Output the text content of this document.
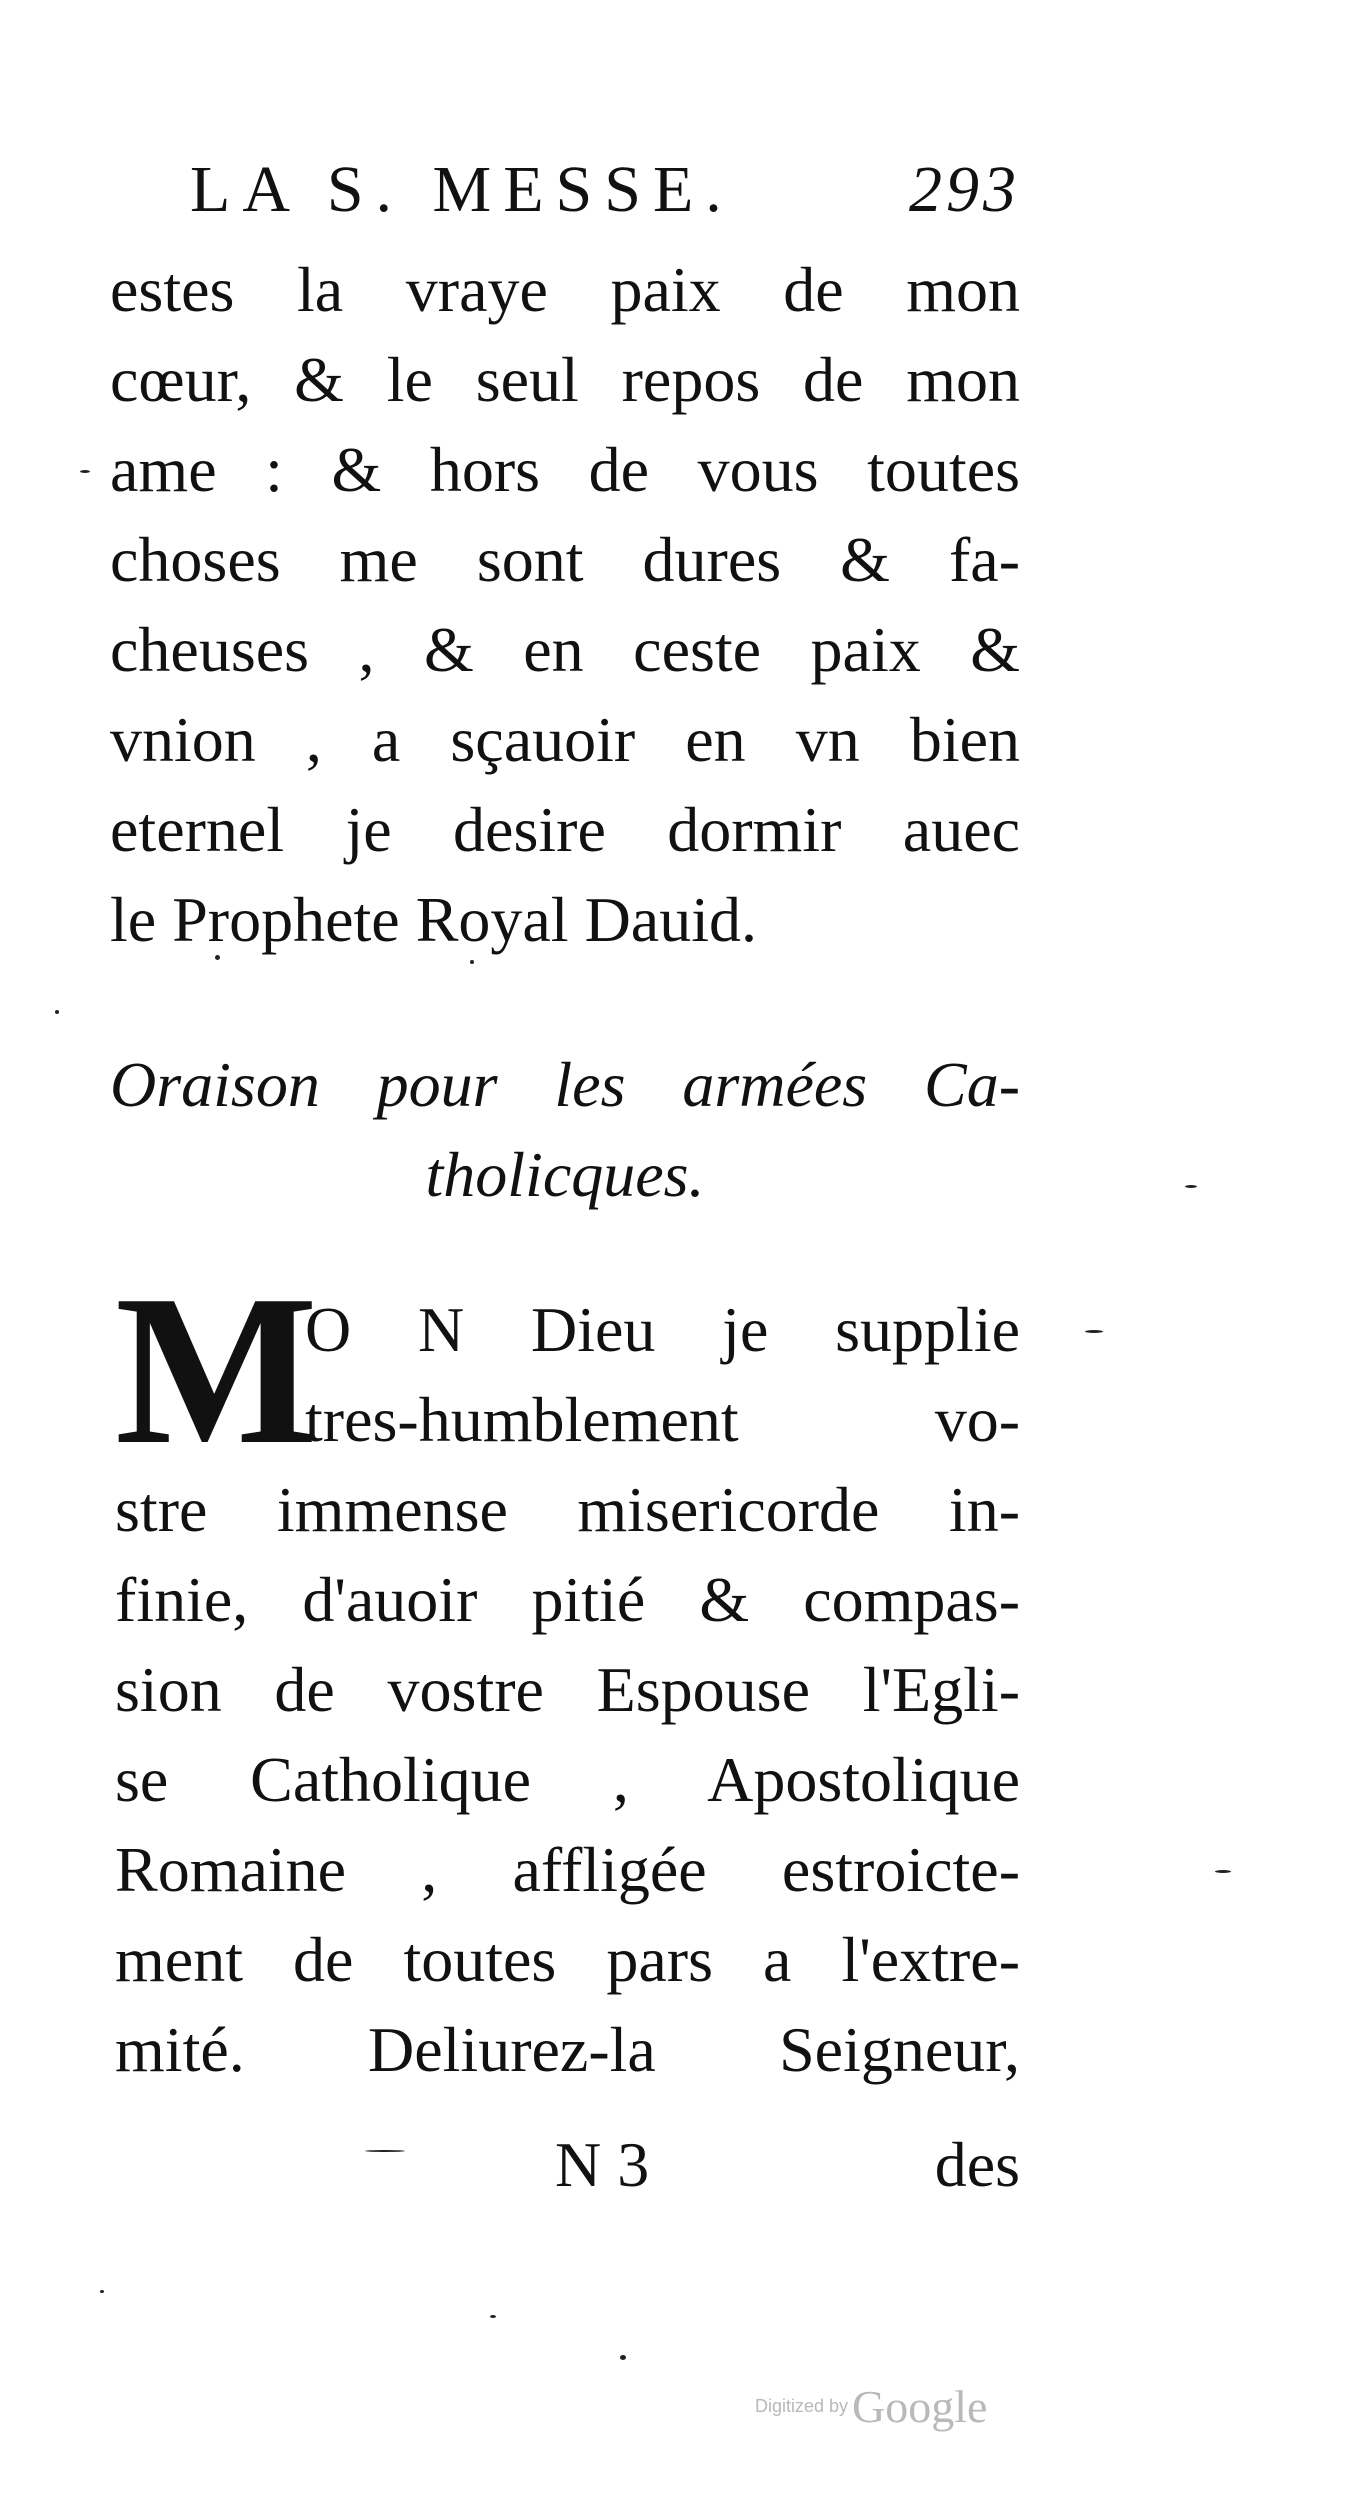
LA S. MESSE.	293
estes la vraye paix de mon
cœur, & le seul repos de mon
ame : & hors de vous toutes
choses me sont dures & fa-
cheuses , & en ceste paix &
vnion , a sçauoir en vn bien
eternel je desire dormir auec
le Prophete Royal Dauid.
Oraison pour les armées Ca-
tholicques.
M
O N Dieu je supplie
tres-humblement vo-
stre immense misericorde in-
finie, d'auoir pitié & compas-
sion de vostre Espouse l'Egli-
se Catholique , Apostolique
Romaine , affligée estroicte-
ment de toutes pars a l'extre-
mité. Deliurez-la Seigneur,
N 3	des
Digitized by Google
